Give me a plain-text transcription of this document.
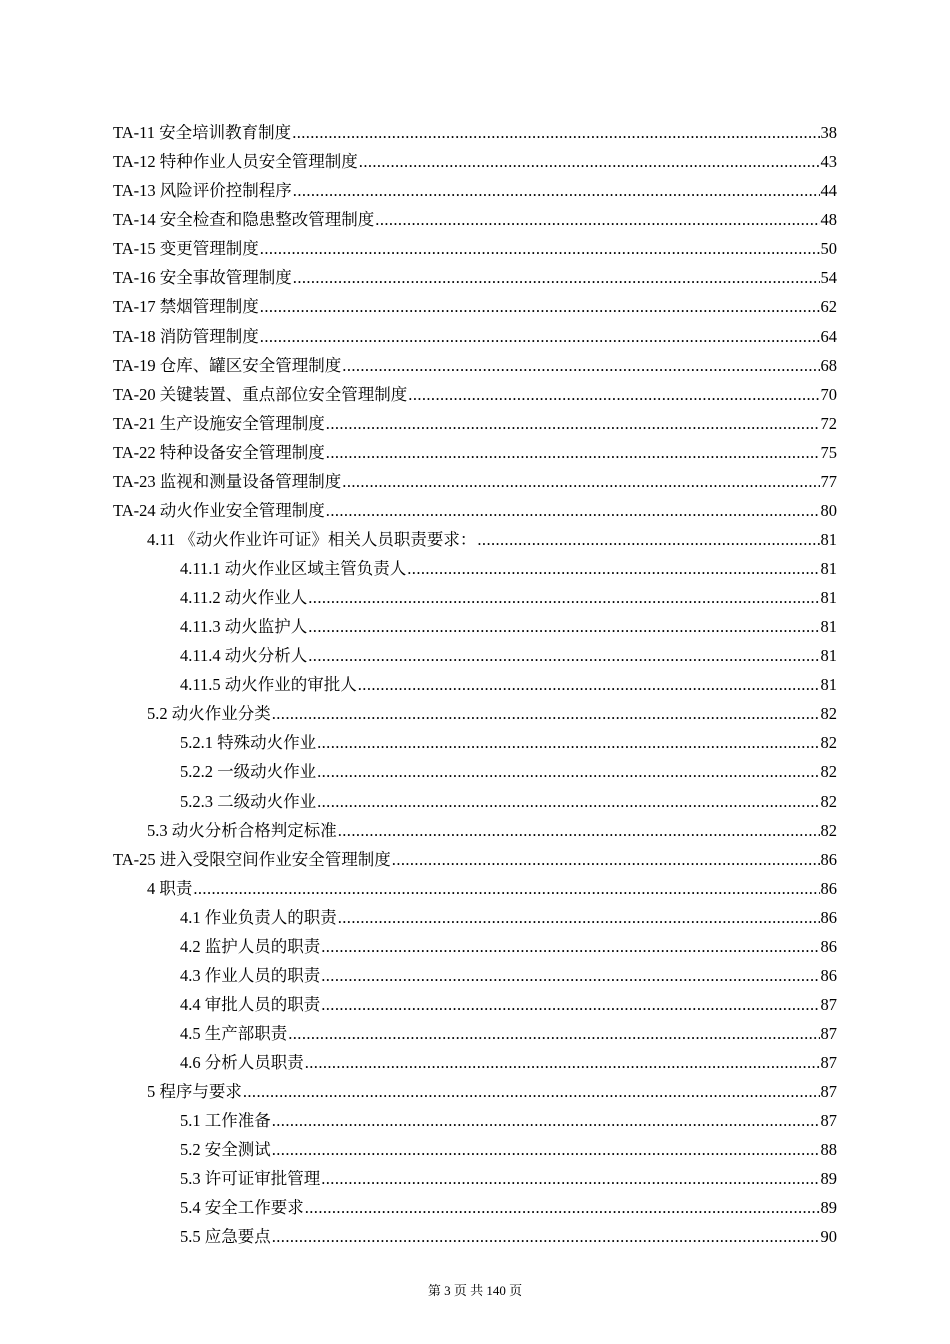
TA-11 安全培训教育制度 .....	38
TA-12 特种作业人员安全管理制度 .....	43
TA-13 风险评价控制程序 .....	44
TA-14 安全检查和隐患整改管理制度 .....	48
TA-15 变更管理制度 .....	50
TA-16 安全事故管理制度 .....	54
TA-17 禁烟管理制度 .....	62
TA-18 消防管理制度 .....	64
TA-19 仓库、罐区安全管理制度 .....	68
TA-20 关键装置、重点部位安全管理制度 .....	70
TA-21 生产设施安全管理制度 .....	72
TA-22 特种设备安全管理制度 .....	75
TA-23 监视和测量设备管理制度 .....	77
TA-24 动火作业安全管理制度 .....	80
4.11 《动火作业许可证》相关人员职责要求： .....	81
4.11.1 动火作业区域主管负责人 .....	81
4.11.2 动火作业人 .....	81
4.11.3 动火监护人 .....	81
4.11.4 动火分析人 .....	81
4.11.5 动火作业的审批人 .....	81
5.2 动火作业分类 .....	82
5.2.1 特殊动火作业 .....	82
5.2.2 一级动火作业 .....	82
5.2.3 二级动火作业 .....	82
5.3 动火分析合格判定标准 .....	82
TA-25 进入受限空间作业安全管理制度 .....	86
4 职责 .....	86
4.1 作业负责人的职责 .....	86
4.2 监护人员的职责 .....	86
4.3 作业人员的职责 .....	86
4.4 审批人员的职责 .....	87
4.5 生产部职责 .....	87
4.6 分析人员职责 .....	87
5 程序与要求 .....	87
5.1 工作准备 .....	87
5.2 安全测试 .....	88
5.3 许可证审批管理 .....	89
5.4 安全工作要求 .....	89
5.5 应急要点 .....	90
第 3 页 共 140 页
